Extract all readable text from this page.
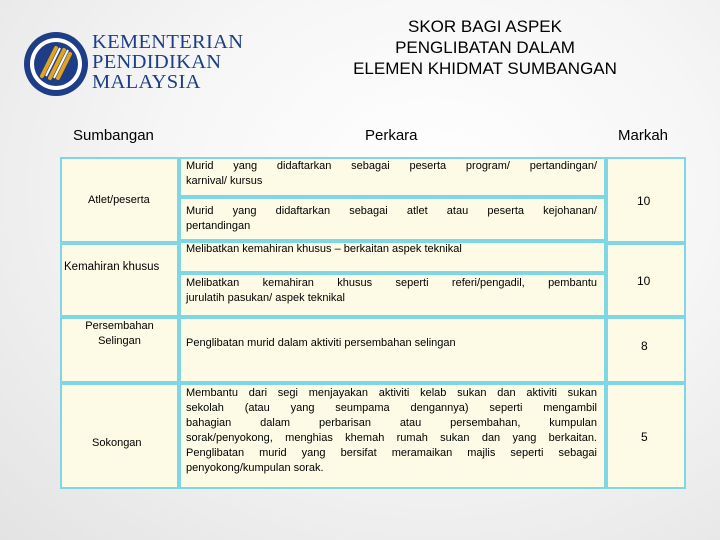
KEMENTERIAN
PENDIDIKAN
MALAYSIA
SKOR BAGI ASPEK
PENGLIBATAN DALAM
ELEMEN KHIDMAT SUMBANGAN
Sumbangan	Perkara	Markah
Atlet/peserta
Kemahiran khusus
Persembahan
Selingan
Sokongan
Murid yang didaftarkan sebagai peserta program/ pertandingan/
karnival/ kursus
Murid yang didaftarkan sebagai atlet atau peserta kejohanan/
pertandingan
Melibatkan kemahiran khusus – berkaitan aspek teknikal
Melibatkan kemahiran khusus seperti referi/pengadil, pembantu
jurulatih pasukan/ aspek teknikal
Penglibatan murid dalam aktiviti persembahan selingan
Membantu dari segi menjayakan aktiviti kelab sukan dan aktiviti sukan
sekolah (atau yang seumpama dengannya) seperti mengambil
bahagian dalam perbarisan atau persembahan, kumpulan
sorak/penyokong, menghias khemah rumah sukan dan yang berkaitan.
Penglibatan murid yang bersifat meramaikan majlis seperti sebagai
penyokong/kumpulan sorak.
10
10
8
5
